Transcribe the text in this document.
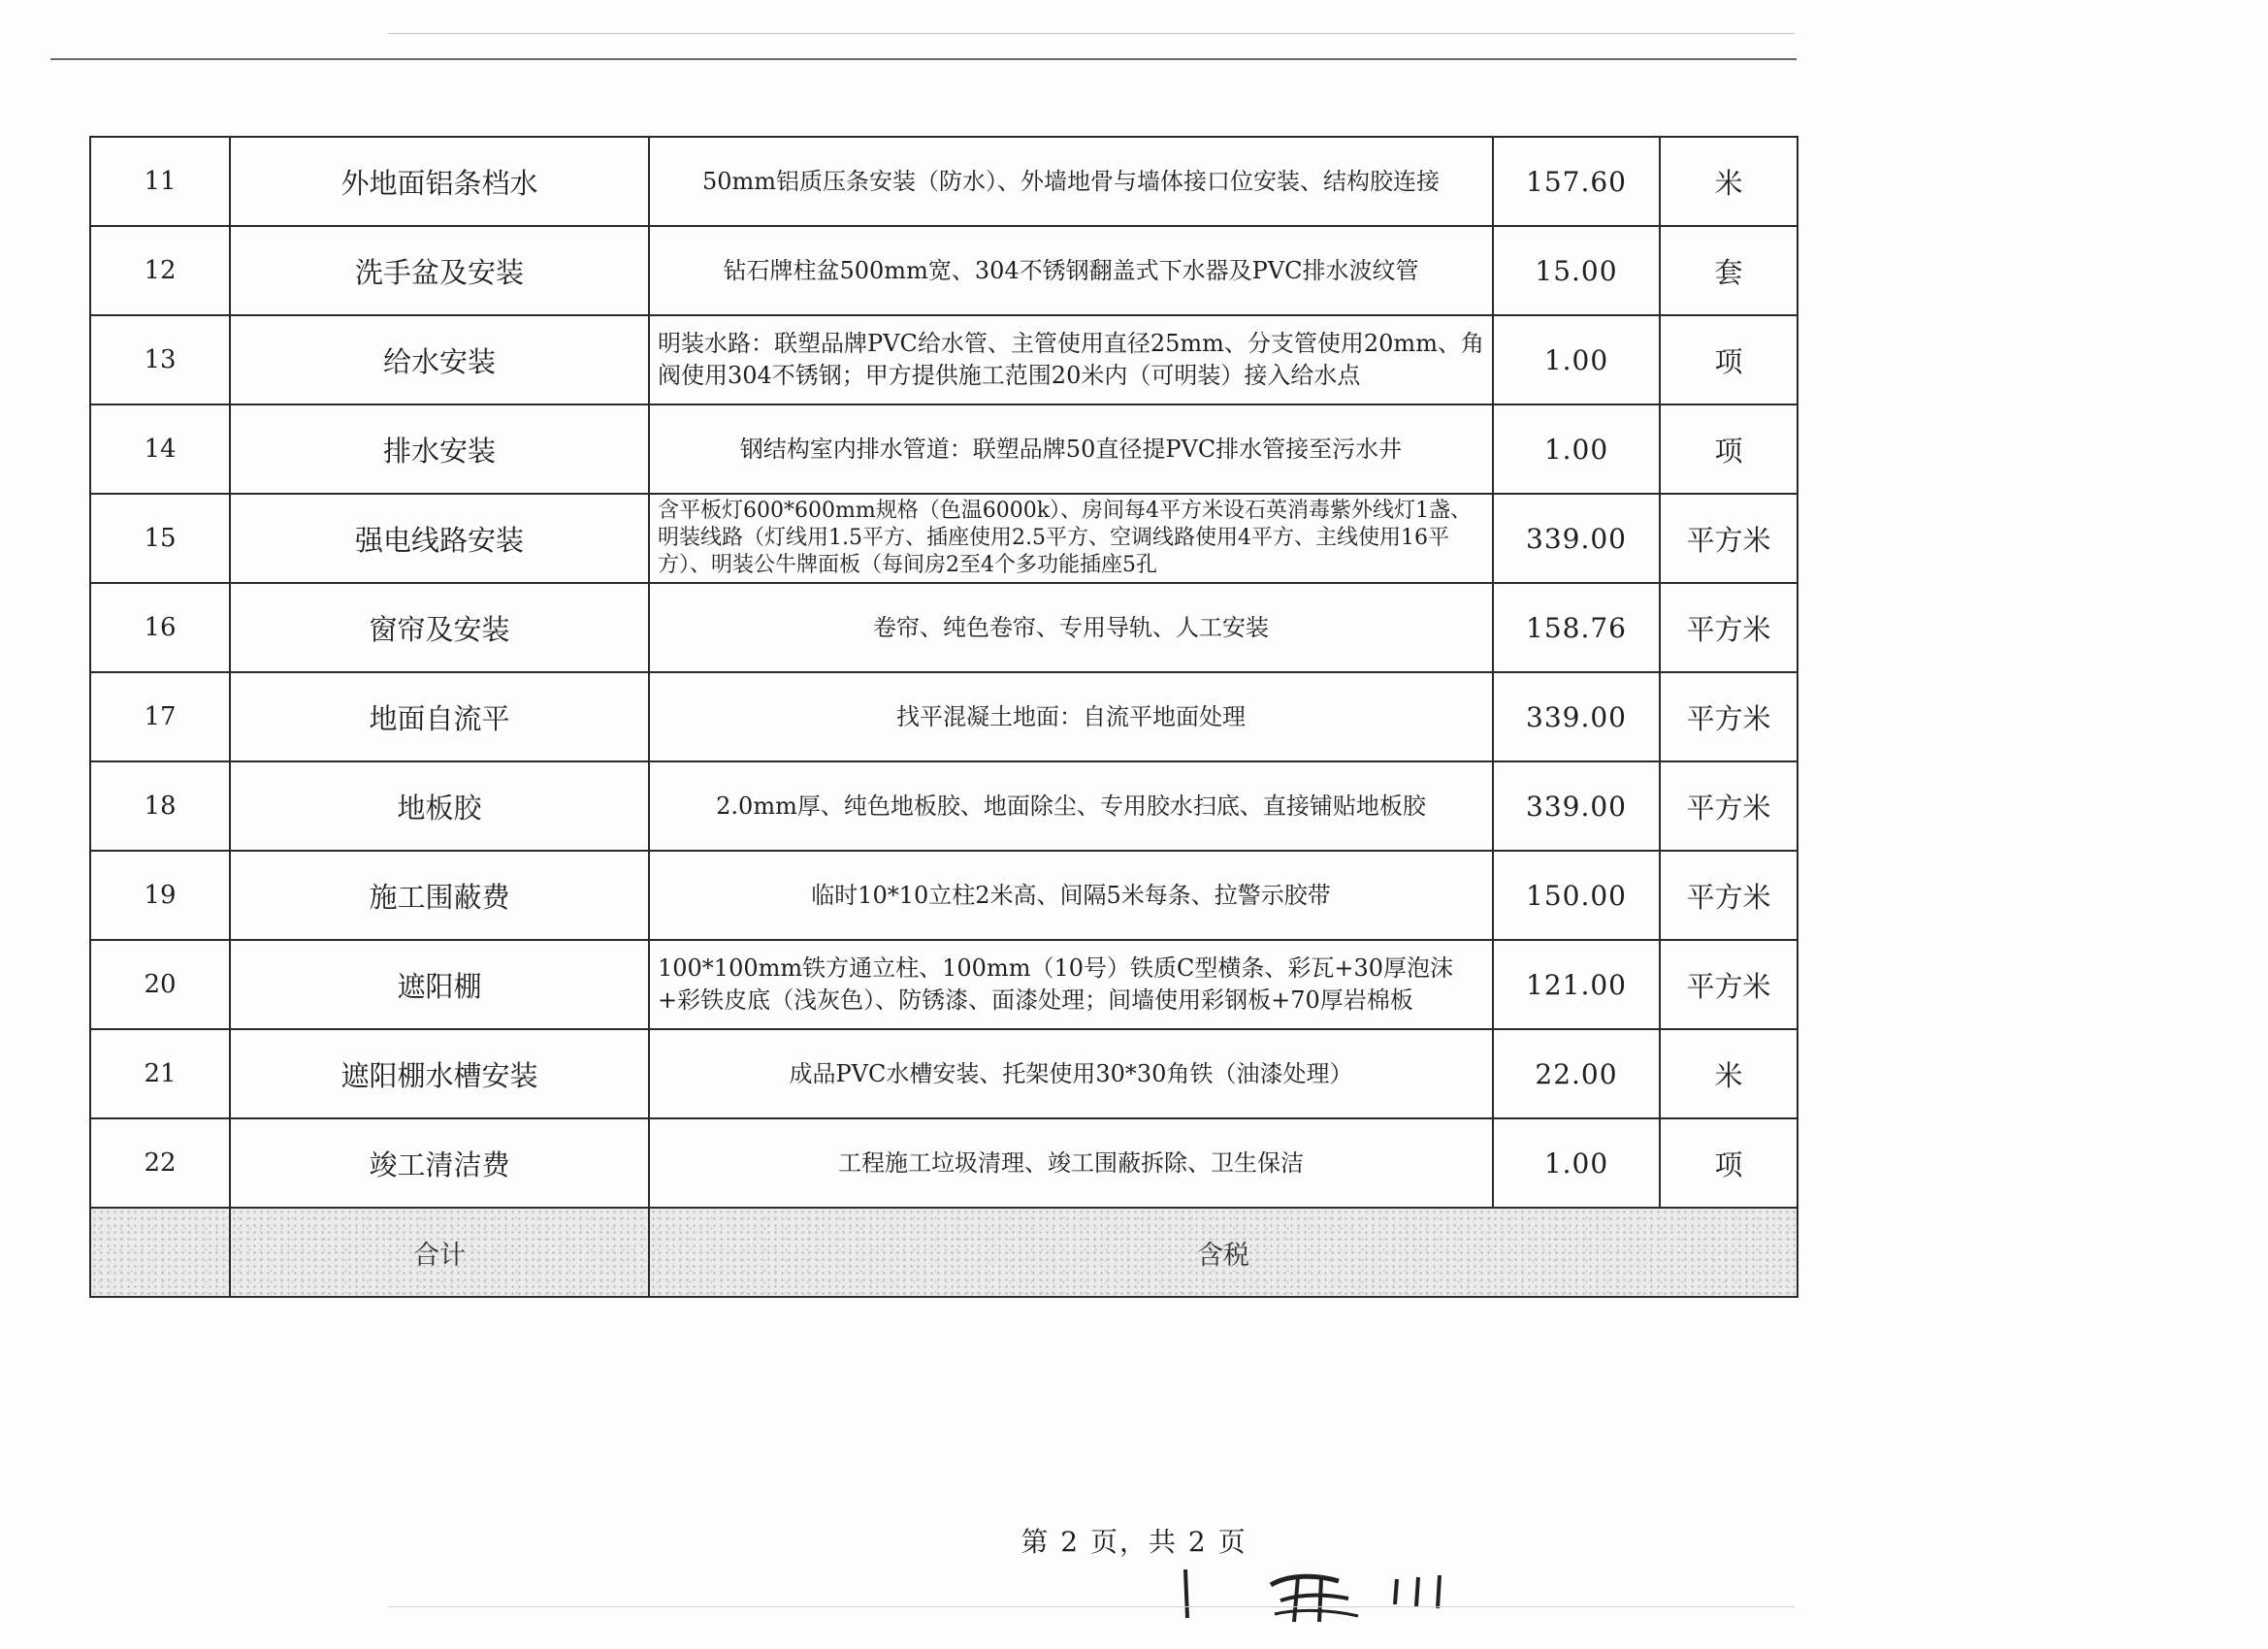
11	外地面铝条档水	50mm铝质压条安装（防水）、外墙地骨与墙体接口位安装、结构胶连接	157.60	米
12	洗手盆及安装	钻石牌柱盆500mm宽、304不锈钢翻盖式下水器及PVC排水波纹管	15.00	套
13	给水安装	明装水路：联塑品牌PVC给水管、主管使用直径25mm、分支管使用20mm、角阀使用304不锈钢；甲方提供施工范围20米内（可明装）接入给水点	1.00	项
14	排水安装	钢结构室内排水管道：联塑品牌50直径提PVC排水管接至污水井	1.00	项
15	强电线路安装	含平板灯600*600mm规格（色温6000k）、房间每4平方米设石英消毒紫外线灯1盏、明装线路（灯线用1.5平方、插座使用2.5平方、空调线路使用4平方、主线使用16平方）、明装公牛牌面板（每间房2至4个多功能插座5孔	339.00	平方米
16	窗帘及安装	卷帘、纯色卷帘、专用导轨、人工安装	158.76	平方米
17	地面自流平	找平混凝土地面：自流平地面处理	339.00	平方米
18	地板胶	2.0mm厚、纯色地板胶、地面除尘、专用胶水扫底、直接铺贴地板胶	339.00	平方米
19	施工围蔽费	临时10*10立柱2米高、间隔5米每条、拉警示胶带	150.00	平方米
20	遮阳棚	100*100mm铁方通立柱、100mm（10号）铁质C型横条、彩瓦+30厚泡沫+彩铁皮底（浅灰色）、防锈漆、面漆处理；间墙使用彩钢板+70厚岩棉板	121.00	平方米
21	遮阳棚水槽安装	成品PVC水槽安装、托架使用30*30角铁（油漆处理）	22.00	米
22	竣工清洁费	工程施工垃圾清理、竣工围蔽拆除、卫生保洁	1.00	项
	合计	含税		
第 2 页，共 2 页
